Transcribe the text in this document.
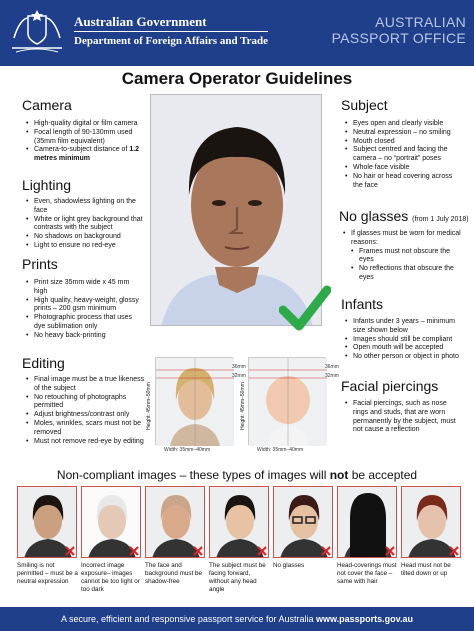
Australian Government
Department of Foreign Affairs and Trade
AUSTRALIAN
PASSPORT OFFICE
Camera Operator Guidelines
Camera
• High-quality digital or film camera
• Focal length of 90-130mm used (35mm film equivalent)
• Camera-to-subject distance of 1.2 metres minimum
Lighting
• Even, shadowless lighting on the face
• White or light grey background that contrasts with the subject
• No shadows on background
• Light to ensure no red-eye
Prints
• Print size 35mm wide x 45 mm high
• High quality, heavy-weight, glossy prints – 200 gsm minimum
• Photographic process that uses dye sublimation only
• No heavy back-printing
Editing
• Final image must be a true likeness of the subject
• No retouching of photographs permitted
• Adjust brightness/contrast only
• Moles, wrinkles, scars must not be removed
• Must not remove red-eye by editing
36mm
32mm
Width: 35mm–40mm
36mm
32mm
Width: 35mm–40mm
Height: 45mm–50mm	Height: 45mm–50mm
Subject
• Eyes open and clearly visible
• Neutral expression – no smiling
• Mouth closed
• Subject centred and facing the camera – no “portrait” poses
• Whole face visible
• No hair or head covering across the face
No glasses (from 1 July 2018)
• If glasses must be worn for medical reasons:
• Frames must not obscure the eyes
• No reflections that obscure the eyes
Infants
• Infants under 3 years – minimum size shown below
• Images should still be compliant
• Open mouth will be accepted
• No other person or object in photo
Facial piercings
• Facial piercings, such as nose rings and studs, that are worn permanently by the subject, must not cause a reflection
Non-compliant images – these types of images will not be accepted
Smiling is not permitted – must be a neutral expression
Incorrect image exposure– images cannot be too light or too dark
The face and background must be shadow-free
The subject must be facing forward, without any head angle
No glasses	Head-coverings must not cover the face – same with hair
Head must not be tilted down or up
A secure, efficient and responsive passport service for Australia www.passports.gov.au
